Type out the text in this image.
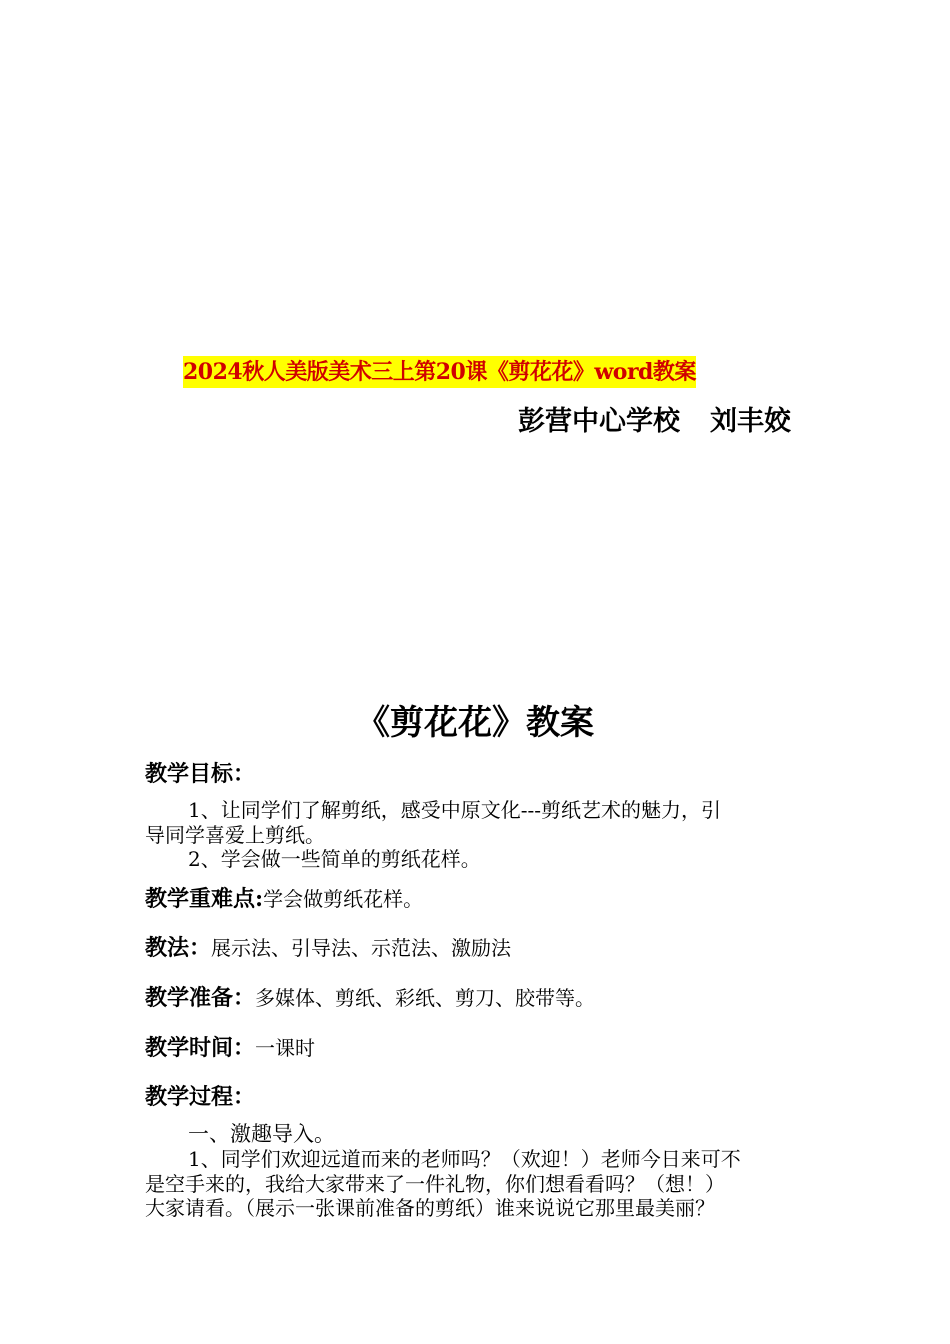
2024秋人美版美术三上第20课《剪花花》word教案
彭营中心学校 刘丰姣
《剪花花》教案
教学目标：
1、让同学们了解剪纸，感受中原文化---剪纸艺术的魅力，引
导同学喜爱上剪纸。
2、学会做一些简单的剪纸花样。
教学重难点:学会做剪纸花样。
教法：展示法、引导法、示范法、激励法
教学准备：多媒体、剪纸、彩纸、剪刀、胶带等。
教学时间：一课时
教学过程：
一、激趣导入。
1、同学们欢迎远道而来的老师吗？（欢迎！）老师今日来可不
是空手来的，我给大家带来了一件礼物，你们想看看吗？（想！）
大家请看。（展示一张课前准备的剪纸）谁来说说它那里最美丽？
